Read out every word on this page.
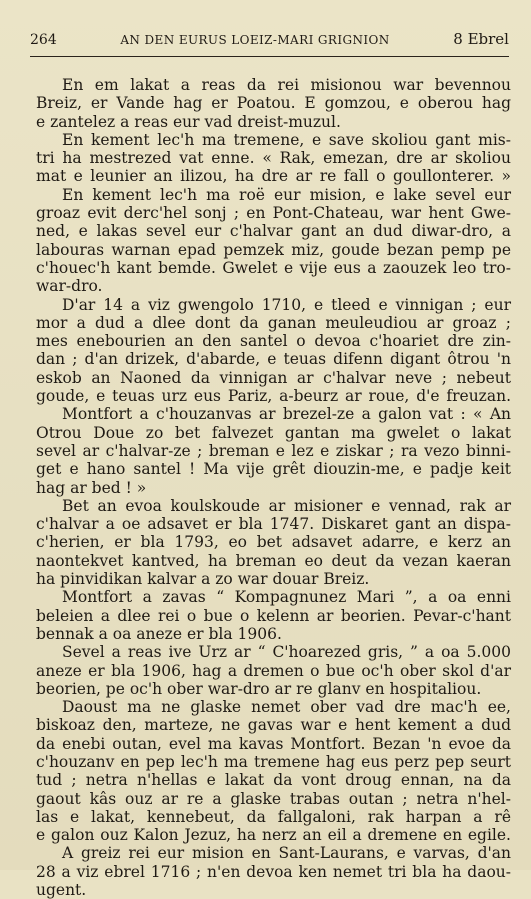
264	AN DEN EURUS LOEIZ-MARI GRIGNION	8 Ebrel
En em lakat a reas da rei misionou war bevennou
Breiz, er Vande hag er Poatou. E gomzou, e oberou hag
e zantelez a reas eur vad dreist-muzul.
En kement lec'h ma tremene, e save skoliou gant mis-
tri ha mestrezed vat enne. « Rak, emezan, dre ar skoliou
mat e leunier an ilizou, ha dre ar re fall o goullonterer. »
En kement lec'h ma roë eur mision, e lake sevel eur
groaz evit derc'hel sonj ; en Pont-Chateau, war hent Gwe-
ned, e lakas sevel eur c'halvar gant an dud diwar-dro, a
labouras warnan epad pemzek miz, goude bezan pemp pe
c'houec'h kant bemde. Gwelet e vije eus a zaouzek leo tro-
war-dro.
D'ar 14 a viz gwengolo 1710, e tleed e vinnigan ; eur
mor a dud a dlee dont da ganan meuleudiou ar groaz ;
mes enebourien an den santel o devoa c'hoariet dre zin-
dan ; d'an drizek, d'abarde, e teuas difenn digant ôtrou 'n
eskob an Naoned da vinnigan ar c'halvar neve ; nebeut
goude, e teuas urz eus Pariz, a-beurz ar roue, d'e freuzan.
Montfort a c'houzanvas ar brezel-ze a galon vat : « An
Otrou Doue zo bet falvezet gantan ma gwelet o lakat
sevel ar c'halvar-ze ; breman e lez e ziskar ; ra vezo binni-
get e hano santel ! Ma vije grêt diouzin-me, e padje keit
hag ar bed ! »
Bet an evoa koulskoude ar misioner e vennad, rak ar
c'halvar a oe adsavet er bla 1747. Diskaret gant an dispa-
c'herien, er bla 1793, eo bet adsavet adarre, e kerz an
naontekvet kantved, ha breman eo deut da vezan kaeran
ha pinvidikan kalvar a zo war douar Breiz.
Montfort a zavas “ Kompagnunez Mari ”, a oa enni
beleien a dlee rei o bue o kelenn ar beorien. Pevar-c'hant
bennak a oa aneze er bla 1906.
Sevel a reas ive Urz ar “ C'hoarezed gris, ” a oa 5.000
aneze er bla 1906, hag a dremen o bue oc'h ober skol d'ar
beorien, pe oc'h ober war-dro ar re glanv en hospitaliou.
Daoust ma ne glaske nemet ober vad dre mac'h ee,
biskoaz den, marteze, ne gavas war e hent kement a dud
da enebi outan, evel ma kavas Montfort. Bezan 'n evoe da
c'houzanv en pep lec'h ma tremene hag eus perz pep seurt
tud ; netra n'hellas e lakat da vont droug ennan, na da
gaout kâs ouz ar re a glaske trabas outan ; netra n'hel-
las e lakat, kennebeut, da fallgaloni, rak harpan a rê
e galon ouz Kalon Jezuz, ha nerz an eil a dremene en egile.
A greiz rei eur mision en Sant-Laurans, e varvas, d'an
28 a viz ebrel 1716 ; n'en devoa ken nemet tri bla ha daou-
ugent.
